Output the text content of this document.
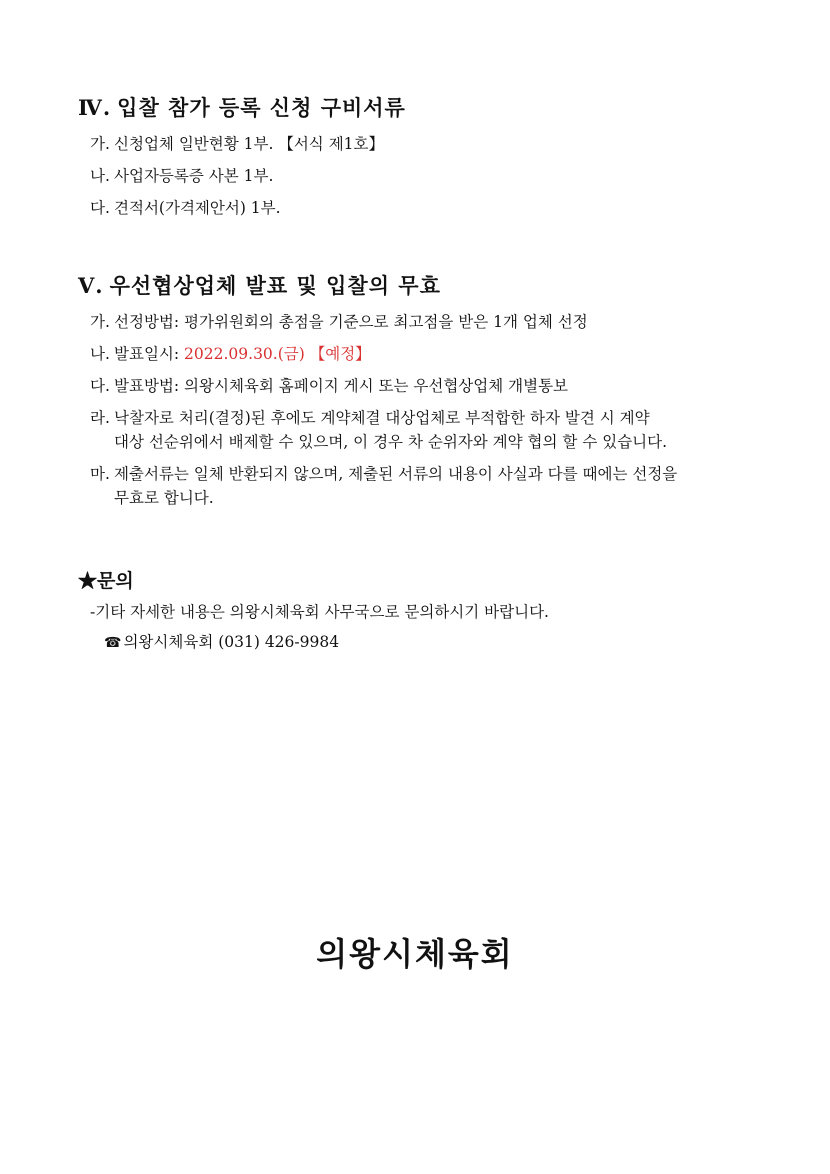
Ⅳ. 입찰 참가 등록 신청 구비서류
가. 신청업체 일반현황 1부. 【서식 제1호】
나. 사업자등록증 사본 1부.
다. 견적서(가격제안서) 1부.
Ⅴ. 우선협상업체 발표 및 입찰의 무효
가. 선정방법: 평가위원회의 총점을 기준으로 최고점을 받은 1개 업체 선정
나. 발표일시: 2022.09.30.(금) 【예정】
다. 발표방법: 의왕시체육회 홈페이지 게시 또는 우선협상업체 개별통보
라. 낙찰자로 처리(결정)된 후에도 계약체결 대상업체로 부적합한 하자 발견 시 계약
대상 선순위에서 배제할 수 있으며, 이 경우 차 순위자와 계약 협의 할 수 있습니다.
마. 제출서류는 일체 반환되지 않으며, 제출된 서류의 내용이 사실과 다를 때에는 선정을
무효로 합니다.
★문의
-기타 자세한 내용은 의왕시체육회 사무국으로 문의하시기 바랍니다.
☎ 의왕시체육회 (031) 426-9984
의왕시체육회
